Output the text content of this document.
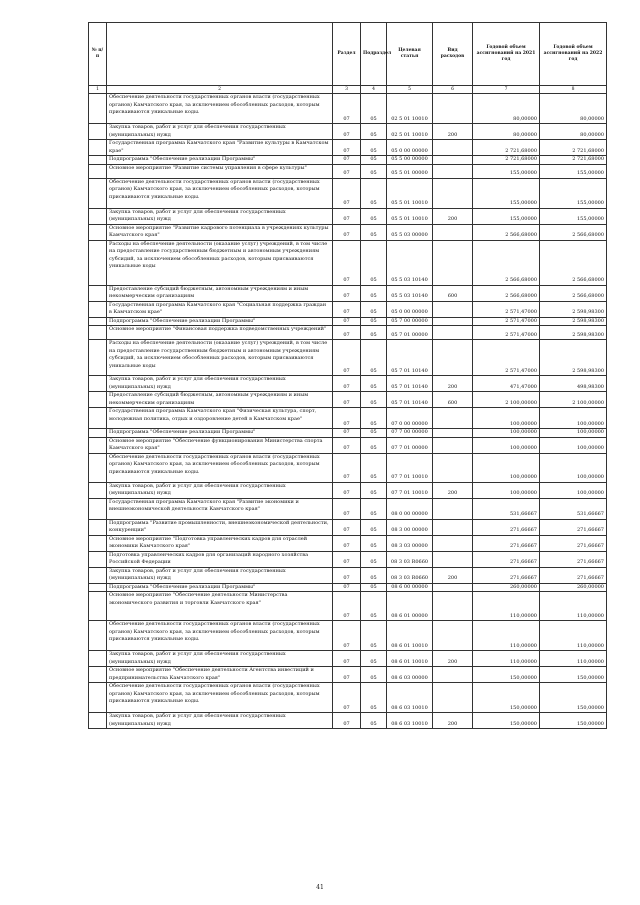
№ п/п		Раздел	Подраздел	Целевая статья	Вид расходов	Годовой объем ассигнований на 2021 год	Годовой объем ассигнований на 2022 год
1	2	3	4	5	6	7	8
	Обеспечение деятельности государственных органов власти (государственных органов) Камчатского края, за исключением обособленных расходов, которым присваиваются уникальные коды.	07	05	02 5 01 10010		80,00000	80,00000
	Закупка товаров, работ и услуг для обеспечения государственных (муниципальных) нужд	07	05	02 5 01 10010	200	80,00000	80,00000
	Государственная программа Камчатского края "Развитие культуры в Камчатском крае"	07	05	05 0 00 00000		2 721,68000	2 721,68000
	Подпрограмма "Обеспечение реализации Программы"	07	05	05 5 00 00000		2 721,68000	2 721,68000
	Основное мероприятие "Развитие системы управления в сфере культуры"	07	05	05 5 01 00000		155,00000	155,00000
	Обеспечение деятельности государственных органов власти (государственных органов) Камчатского края, за исключением обособленных расходов, которым присваиваются уникальные коды.	07	05	05 5 01 10010		155,00000	155,00000
	Закупка товаров, работ и услуг для обеспечения государственных (муниципальных) нужд	07	05	05 5 01 10010	200	155,00000	155,00000
	Основное мероприятие "Развитие кадрового потенциала в учреждениях культуры Камчатского края"	07	05	05 5 03 00000		2 566,68000	2 566,68000
	Расходы на обеспечение деятельности (оказание услуг) учреждений, в том числе на предоставление государственным бюджетным и автономным учреждениям субсидий, за исключением обособленных расходов, которым присваиваются уникальные коды	07	05	05 5 03 10140		2 566,68000	2 566,68000
	Предоставление субсидий бюджетным, автономным учреждениям и иным некоммерческим организациям	07	05	05 5 03 10140	600	2 566,68000	2 566,68000
	Государственная программа Камчатского края "Социальная поддержка граждан в Камчатском крае"	07	05	05 0 00 00000		2 571,47000	2 598,98300
	Подпрограмма "Обеспечение реализации Программы"	07	05	05 7 00 00000		2 571,47000	2 598,98300
	Основное мероприятие "Финансовая поддержка подведомственных учреждений"	07	05	05 7 01 00000		2 571,47000	2 598,98300
	Расходы на обеспечение деятельности (оказание услуг) учреждений, в том числе на предоставление государственным бюджетным и автономным учреждениям субсидий, за исключением обособленных расходов, которым присваиваются уникальные коды	07	05	05 7 01 10140		2 571,47000	2 598,98300
	Закупка товаров, работ и услуг для обеспечения государственных (муниципальных) нужд	07	05	05 7 01 10140	200	471,47000	498,98300
	Предоставление субсидий бюджетным, автономным учреждениям и иным некоммерческим организациям	07	05	05 7 01 10140	600	2 100,00000	2 100,00000
	Государственная программа Камчатского края "Физическая культура, спорт, молодежная политика, отдых и оздоровление детей в Камчатском крае"	07	05	07 0 00 00000		100,00000	100,00000
	Подпрограмма "Обеспечение реализации Программы"	07	05	07 7 00 00000		100,00000	100,00000
	Основное мероприятие "Обеспечение функционирования Министерства спорта Камчатского края"	07	05	07 7 01 00000		100,00000	100,00000
	Обеспечение деятельности государственных органов власти (государственных органов) Камчатского края, за исключением обособленных расходов, которым присваиваются уникальные коды.	07	05	07 7 01 10010		100,00000	100,00000
	Закупка товаров, работ и услуг для обеспечения государственных (муниципальных) нужд	07	05	07 7 01 10010	200	100,00000	100,00000
	Государственная программа Камчатского края "Развитие экономики и внешнеэкономической деятельности Камчатского края"	07	05	08 0 00 00000		531,66667	531,66667
	Подпрограмма "Развитие промышленности, внешнеэкономической деятельности, конкуренции"	07	05	08 3 00 00000		271,66667	271,66667
	Основное мероприятие "Подготовка управленческих кадров для отраслей экономики Камчатского края"	07	05	08 3 03 00000		271,66667	271,66667
	Подготовка управленческих кадров для организаций народного хозяйства Российской Федерации	07	05	08 3 03 R0660		271,66667	271,66667
	Закупка товаров, работ и услуг для обеспечения государственных (муниципальных) нужд	07	05	08 3 03 R0660	200	271,66667	271,66667
	Подпрограмма "Обеспечение реализации Программы"	07	05	08 6 00 00000		260,00000	260,00000
	Основное мероприятие "Обеспечение деятельности Министерства экономического развития и торговли Камчатского края"	07	05	08 6 01 00000		110,00000	110,00000
	Обеспечение деятельности государственных органов власти (государственных органов) Камчатского края, за исключением обособленных расходов, которым присваиваются уникальные коды.	07	05	08 6 01 10010		110,00000	110,00000
	Закупка товаров, работ и услуг для обеспечения государственных (муниципальных) нужд	07	05	08 6 01 10010	200	110,00000	110,00000
	Основное мероприятие "Обеспечение деятельности Агентства инвестиций и предпринимательства Камчатского края"	07	05	08 6 03 00000		150,00000	150,00000
	Обеспечение деятельности государственных органов власти (государственных органов) Камчатского края, за исключением обособленных расходов, которым присваиваются уникальные коды.	07	05	08 6 03 10010		150,00000	150,00000
	Закупка товаров, работ и услуг для обеспечения государственных (муниципальных) нужд	07	05	08 6 03 10010	200	150,00000	150,00000
41
